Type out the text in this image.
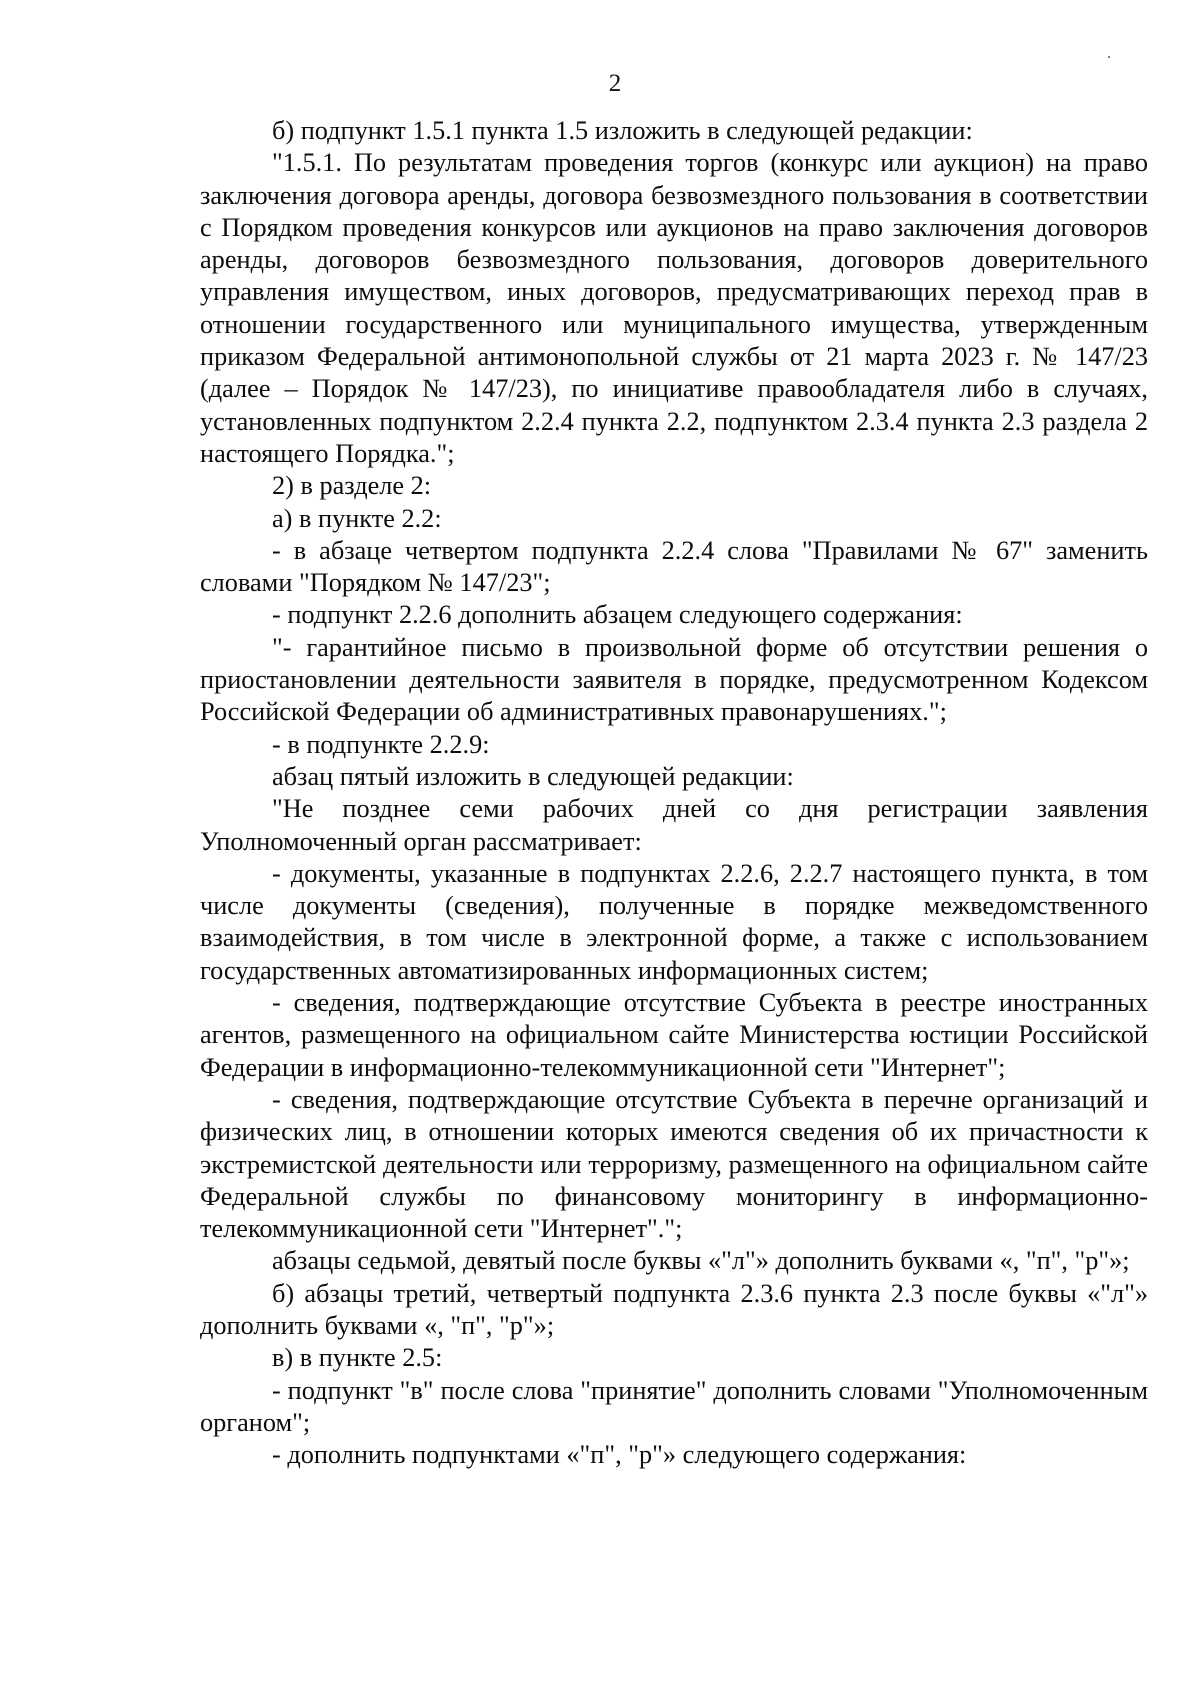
2

б) подпункт 1.5.1 пункта 1.5 изложить в следующей редакции:

"1.5.1. По результатам проведения торгов (конкурс или аукцион) на право заключения договора аренды, договора безвозмездного пользования в соответствии с Порядком проведения конкурсов или аукционов на право заключения договоров аренды, договоров безвозмездного пользования, договоров доверительного управления имуществом, иных договоров, предусматривающих переход прав в отношении государственного или муниципального имущества, утвержденным приказом Федеральной антимонопольной службы от 21 марта 2023 г. № 147/23 (далее – Порядок № 147/23), по инициативе правообладателя либо в случаях, установленных подпунктом 2.2.4 пункта 2.2, подпунктом 2.3.4 пункта 2.3 раздела 2 настоящего Порядка.";

2) в разделе 2:

а) в пункте 2.2:

- в абзаце четвертом подпункта 2.2.4 слова "Правилами № 67" заменить словами "Порядком № 147/23";

- подпункт 2.2.6 дополнить абзацем следующего содержания:

"- гарантийное письмо в произвольной форме об отсутствии решения о приостановлении деятельности заявителя в порядке, предусмотренном Кодексом Российской Федерации об административных правонарушениях.";

- в подпункте 2.2.9:

абзац пятый изложить в следующей редакции:

"Не позднее семи рабочих дней со дня регистрации заявления Уполномоченный орган рассматривает:

- документы, указанные в подпунктах 2.2.6, 2.2.7 настоящего пункта, в том числе документы (сведения), полученные в порядке межведомственного взаимодействия, в том числе в электронной форме, а также с использованием государственных автоматизированных информационных систем;

- сведения, подтверждающие отсутствие Субъекта в реестре иностранных агентов, размещенного на официальном сайте Министерства юстиции Российской Федерации в информационно-телекоммуникационной сети "Интернет";

- сведения, подтверждающие отсутствие Субъекта в перечне организаций и физических лиц, в отношении которых имеются сведения об их причастности к экстремистской деятельности или терроризму, размещенного на официальном сайте Федеральной службы по финансовому мониторингу в информационно-телекоммуникационной сети "Интернет".";

абзацы седьмой, девятый после буквы «"л"» дополнить буквами «, "п", "р"»;

б) абзацы третий, четвертый подпункта 2.3.6 пункта 2.3 после буквы «"л"» дополнить буквами «, "п", "р"»;

в) в пункте 2.5:

- подпункт "в" после слова "принятие" дополнить словами "Уполномоченным органом";

- дополнить подпунктами «"п", "р"» следующего содержания:
